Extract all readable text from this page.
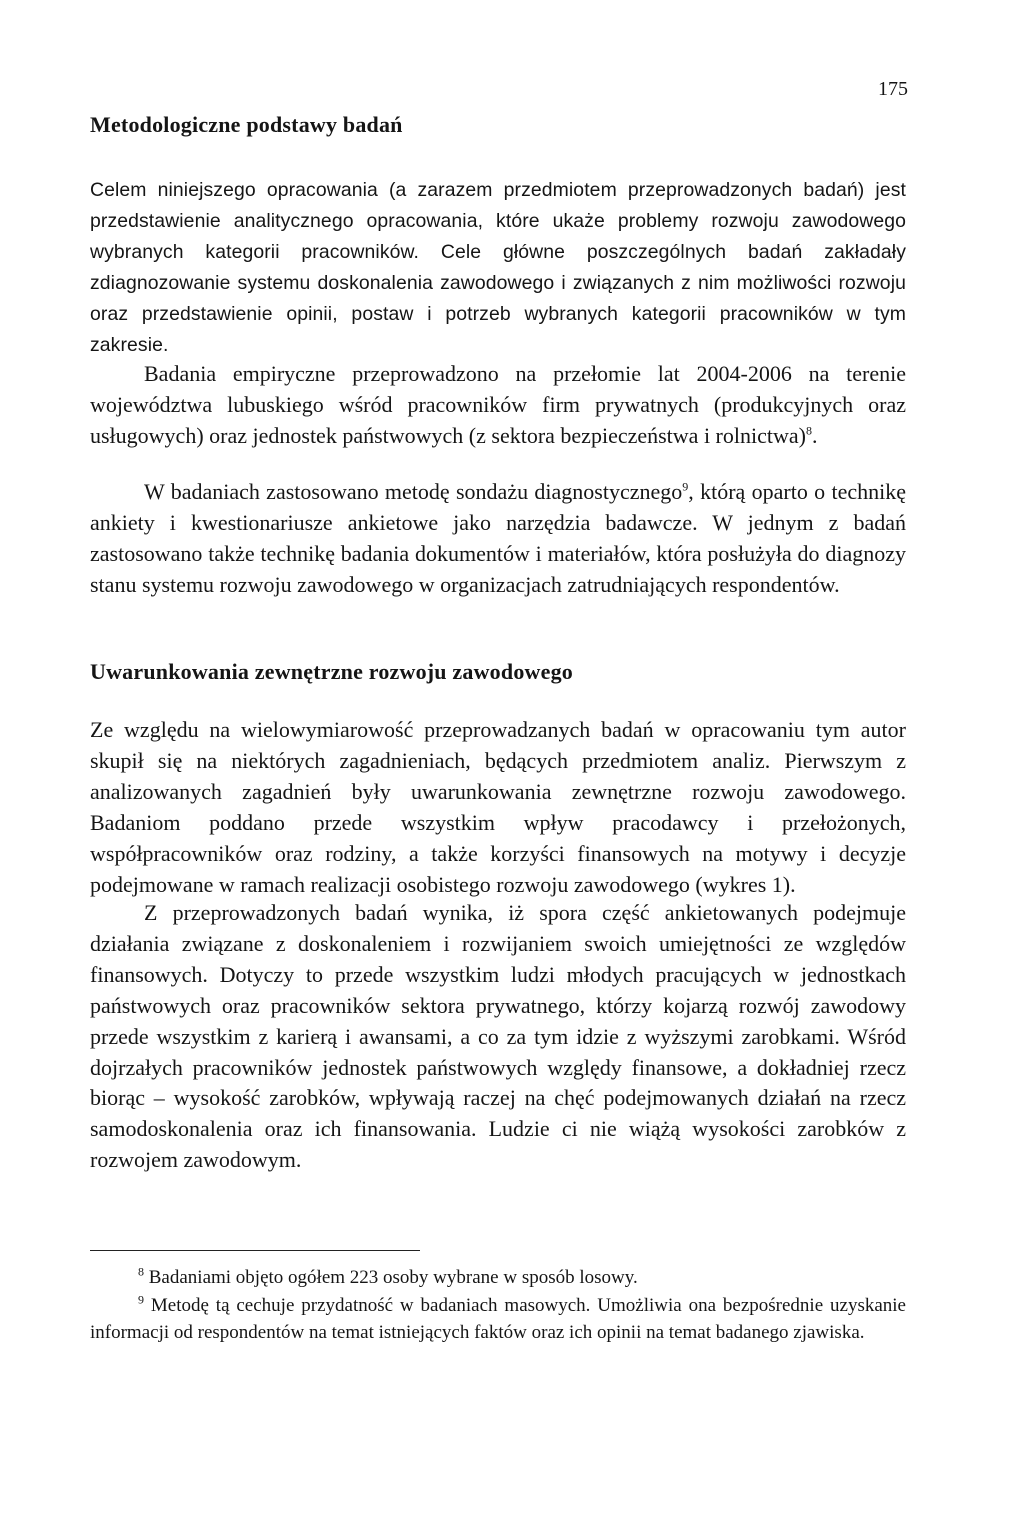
175

Metodologiczne podstawy badań

Celem niniejszego opracowania (a zarazem przedmiotem przeprowadzonych badań) jest przedstawienie analitycznego opracowania, które ukaże problemy rozwoju zawodowego wybranych kategorii pracowników. Cele główne poszczególnych badań zakładały zdiagnozowanie systemu doskonalenia zawodowego i związanych z nim możliwości rozwoju oraz przedstawienie opinii, postaw i potrzeb wybranych kategorii pracowników w tym zakresie.

Badania empiryczne przeprowadzono na przełomie lat 2004-2006 na terenie województwa lubuskiego wśród pracowników firm prywatnych (produkcyjnych oraz usługowych) oraz jednostek państwowych (z sektora bezpieczeństwa i rolnictwa)$^8$.

W badaniach zastosowano metodę sondażu diagnostycznego$^9$, którą oparto o technikę ankiety i kwestionariusze ankietowe jako narzędzia badawcze. W jednym z badań zastosowano także technikę badania dokumentów i materiałów, która posłużyła do diagnozy stanu systemu rozwoju zawodowego w organizacjach zatrudniających respondentów.

Uwarunkowania zewnętrzne rozwoju zawodowego

Ze względu na wielowymiarowość przeprowadzanych badań w opracowaniu tym autor skupił się na niektórych zagadnieniach, będących przedmiotem analiz. Pierwszym z analizowanych zagadnień były uwarunkowania zewnętrzne rozwoju zawodowego. Badaniom poddano przede wszystkim wpływ pracodawcy i przełożonych, współpracowników oraz rodziny, a także korzyści finansowych na motywy i decyzje podejmowane w ramach realizacji osobistego rozwoju zawodowego (wykres 1).

Z przeprowadzonych badań wynika, iż spora część ankietowanych podejmuje działania związane z doskonaleniem i rozwijaniem swoich umiejętności ze względów finansowych. Dotyczy to przede wszystkim ludzi młodych pracujących w jednostkach państwowych oraz pracowników sektora prywatnego, którzy kojarzą rozwój zawodowy przede wszystkim z karierą i awansami, a co za tym idzie z wyższymi zarobkami. Wśród dojrzałych pracowników jednostek państwowych względy finansowe, a dokładniej rzecz biorąc – wysokość zarobków, wpływają raczej na chęć podejmowanych działań na rzecz samodoskonalenia oraz ich finansowania. Ludzie ci nie wiążą wysokości zarobków z rozwojem zawodowym.

$^8$ Badaniami objęto ogółem 223 osoby wybrane w sposób losowy.

$^9$ Metodę tą cechuje przydatność w badaniach masowych. Umożliwia ona bezpośrednie uzyskanie informacji od respondentów na temat istniejących faktów oraz ich opinii na temat badanego zjawiska.
